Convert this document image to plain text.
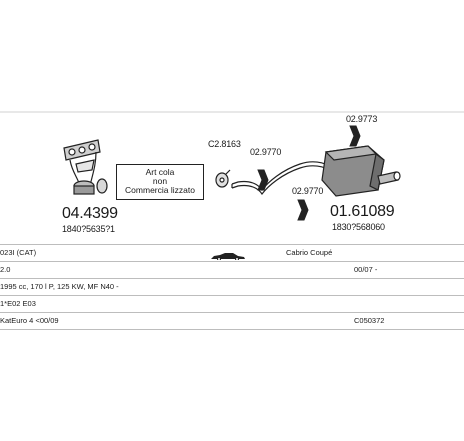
04.4399
1840?5635?1
Art cola
non
Commercia lizzato
C2.8163
02.9770
02.9773
02.9770
01.61089
1830?568060
023I (CAT)	Cabrio Coupé
2.0	00/07 -
1995 cc, 170 l P, 125 KW, MF N40 -
1*E02 E03
KatEuro 4 <00/09	C050372
